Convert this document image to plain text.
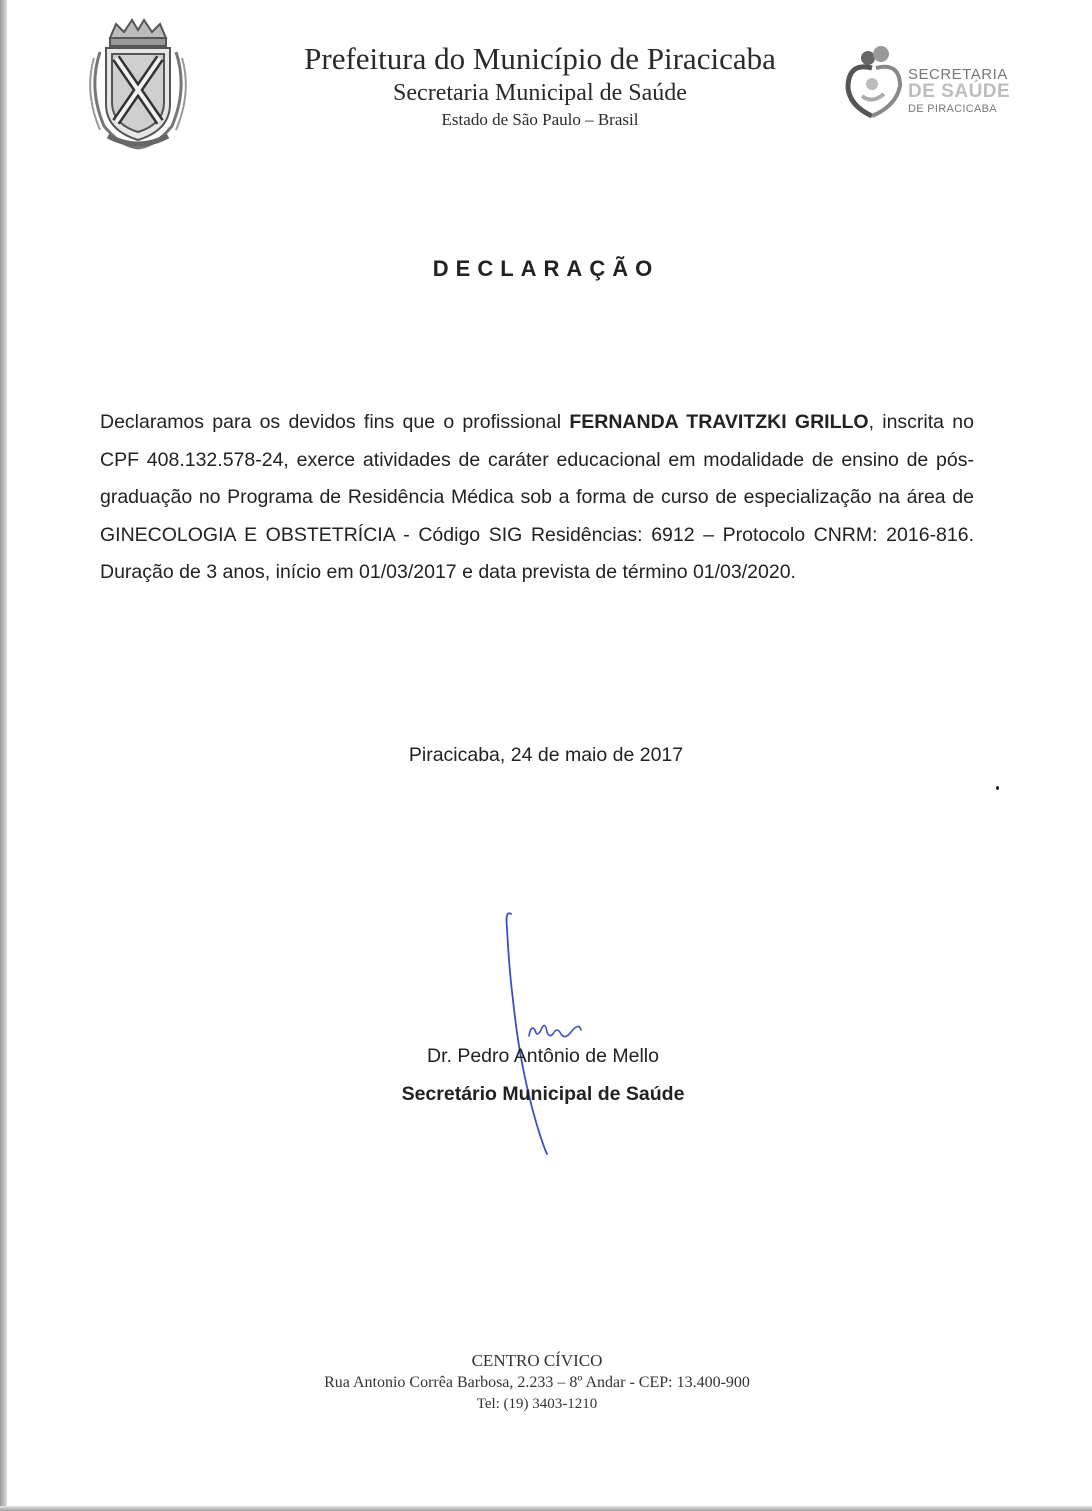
Prefeitura do Município de Piracicaba
Secretaria Municipal de Saúde
Estado de São Paulo – Brasil
SECRETARIA
DE SAÚDE
DE PIRACICABA
DECLARAÇÃO

Declaramos para os devidos fins que o profissional FERNANDA TRAVITZKI GRILLO, inscrita no CPF 408.132.578-24, exerce atividades de caráter educacional em modalidade de ensino de pós-graduação no Programa de Residência Médica sob a forma de curso de especialização na área de GINECOLOGIA E OBSTETRÍCIA - Código SIG Residências: 6912 – Protocolo CNRM: 2016-816. Duração de 3 anos, início em 01/03/2017 e data prevista de término 01/03/2020.

Piracicaba, 24 de maio de 2017
Dr. Pedro Antônio de Mello
Secretário Municipal de Saúde
CENTRO CÍVICO
Rua Antonio Corrêa Barbosa, 2.233 – 8º Andar - CEP: 13.400-900
Tel: (19) 3403-1210
